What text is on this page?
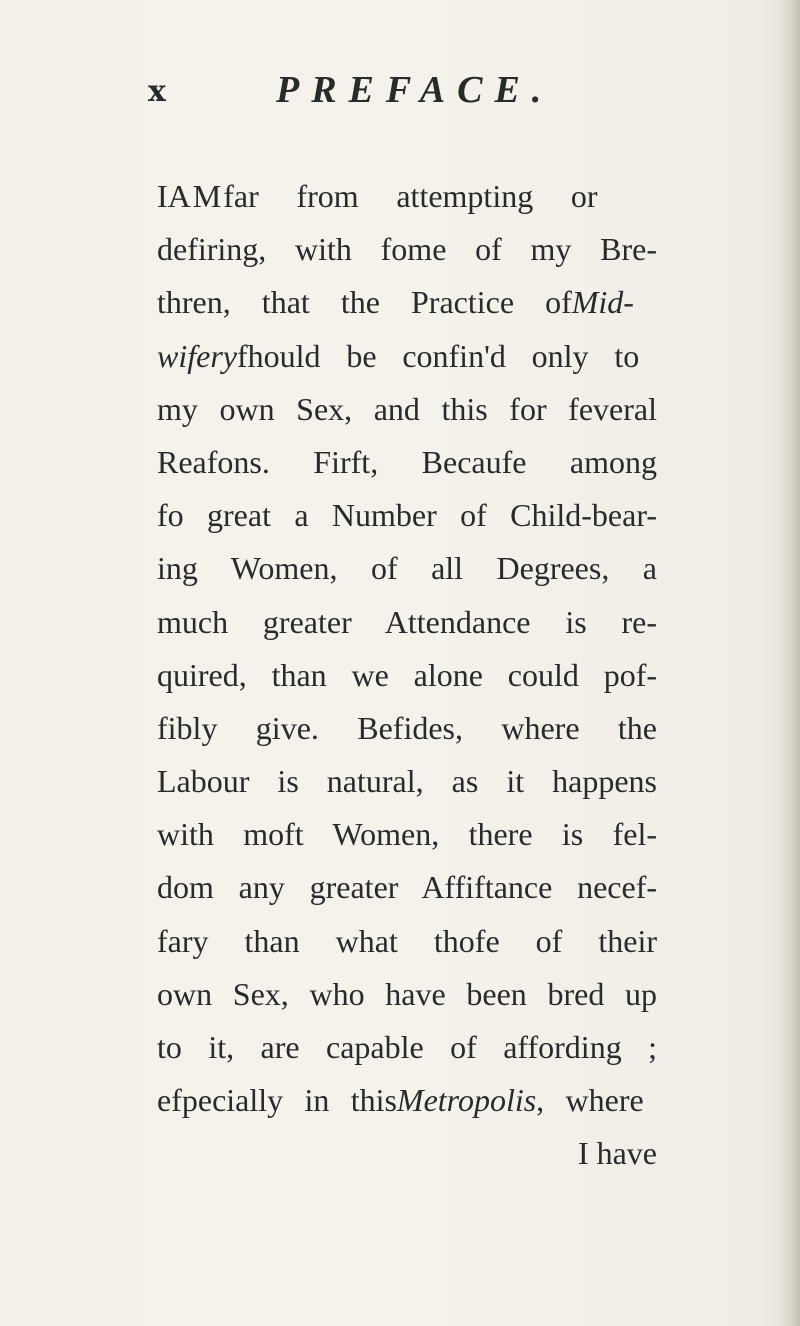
x	PREFACE.
IAMfar from attempting or
defiring, with fome of my Bre-
thren, that the Practice ofMid-
wiferyfhould be confin'd only to
my own Sex, and this for feveral
Reafons. Firft, Becaufe among
fo great a Number of Child-bear-
ing Women, of all Degrees, a
much greater Attendance is re-
quired, than we alone could pof-
fibly give. Befides, where the
Labour is natural, as it happens
with moft Women, there is fel-
dom any greater Affiftance necef-
fary than what thofe of their
own Sex, who have been bred up
to it, are capable of affording ;
efpecially in thisMetropolis, where
I have
